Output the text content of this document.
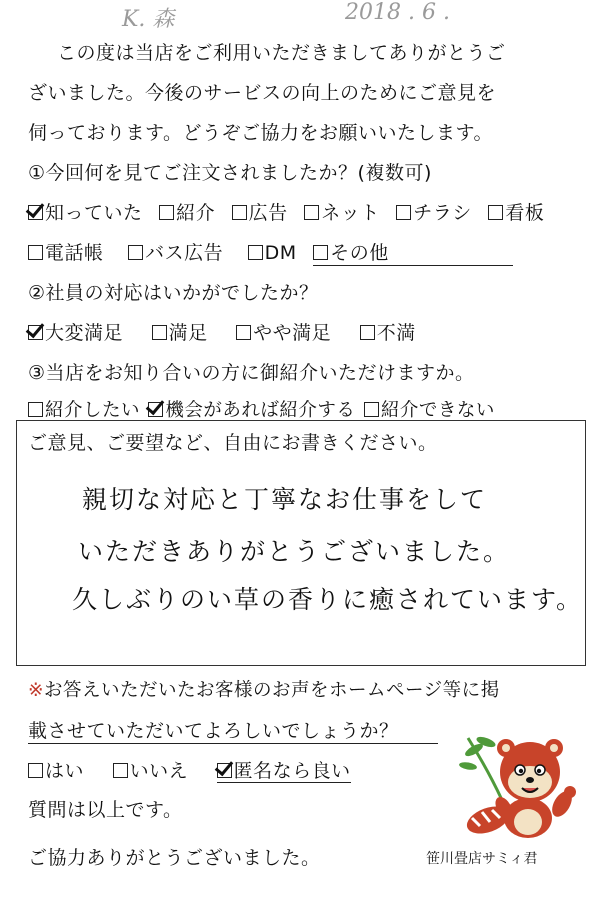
K. 森	2018 . 6 .
この度は当店をご利用いただきましてありがとうご
ざいました。今後のサービスの向上のためにご意見を
伺っております。どうぞご協力をお願いいたします。
①今回何を見てご注文されましたか？(複数可)
知っていた 紹介 広告 ネット チラシ 看板
電話帳 バス広告 DM その他
②社員の対応はいかがでしたか？
大変満足 満足 やや満足 不満
③当店をお知り合いの方に御紹介いただけますか。
紹介したい 機会があれば紹介する 紹介できない
ご意見、ご要望など、自由にお書きください。
親切な対応と丁寧なお仕事をして
いただきありがとうございました。
久しぶりのい草の香りに癒されています。
※お答えいただいたお客様のお声をホームページ等に掲
載させていただいてよろしいでしょうか？
はい いいえ 匿名なら良い
質問は以上です。
ご協力ありがとうございました。	笹川畳店サミィ君
